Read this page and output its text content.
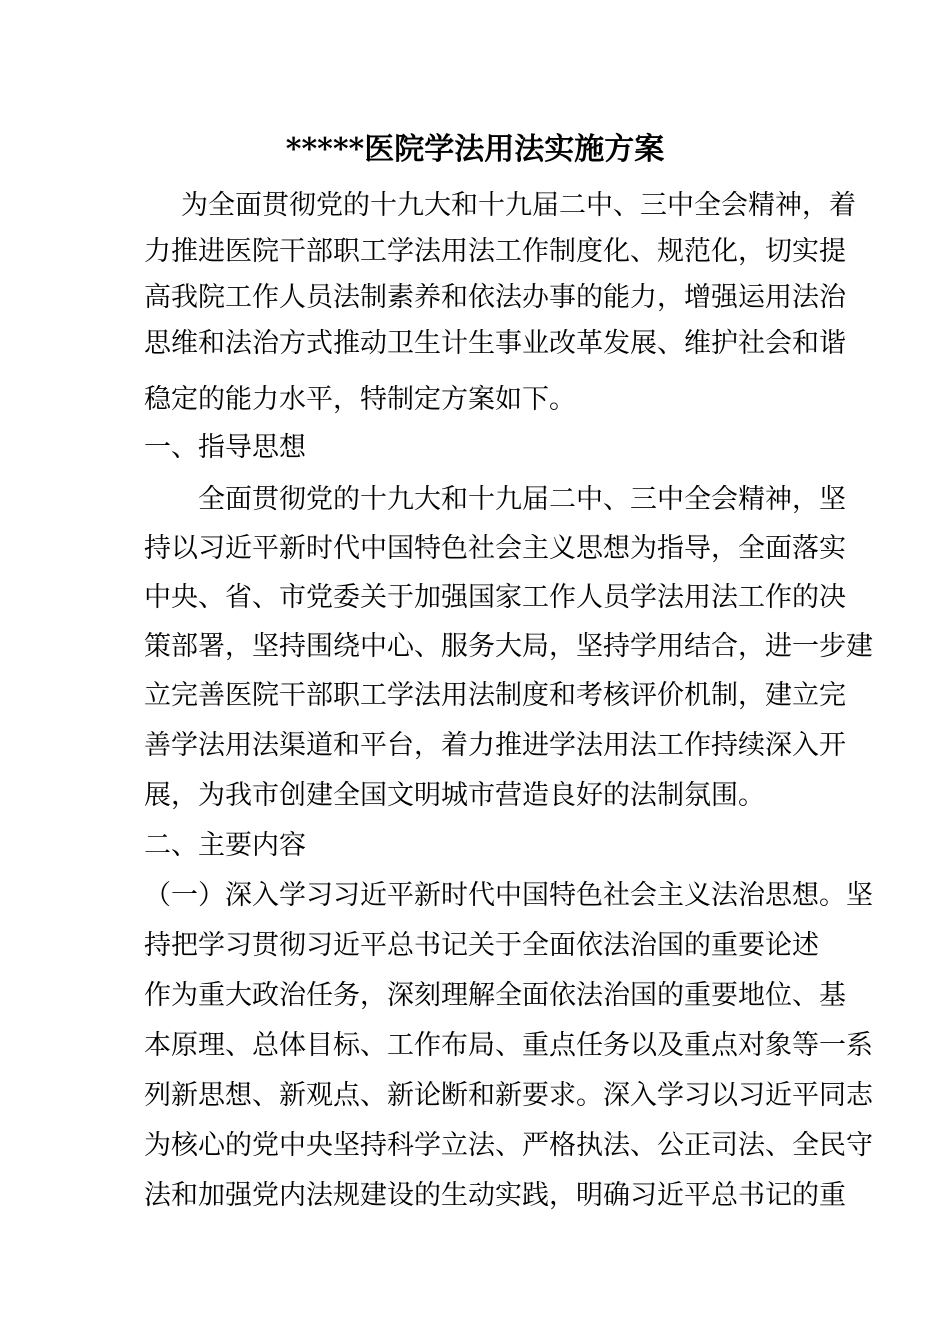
*****医院学法用法实施方案

为全面贯彻党的十九大和十九届二中、三中全会精神，着

力推进医院干部职工学法用法工作制度化、规范化，切实提

高我院工作人员法制素养和依法办事的能力，增强运用法治

思维和法治方式推动卫生计生事业改革发展、维护社会和谐

稳定的能力水平，特制定方案如下。

一、指导思想

全面贯彻党的十九大和十九届二中、三中全会精神，坚

持以习近平新时代中国特色社会主义思想为指导，全面落实

中央、省、市党委关于加强国家工作人员学法用法工作的决

策部署，坚持围绕中心、服务大局，坚持学用结合，进一步建

立完善医院干部职工学法用法制度和考核评价机制，建立完

善学法用法渠道和平台，着力推进学法用法工作持续深入开

展，为我市创建全国文明城市营造良好的法制氛围。

二、主要内容

（一）深入学习习近平新时代中国特色社会主义法治思想。坚

持把学习贯彻习近平总书记关于全面依法治国的重要论述

作为重大政治任务，深刻理解全面依法治国的重要地位、基

本原理、总体目标、工作布局、重点任务以及重点对象等一系

列新思想、新观点、新论断和新要求。深入学习以习近平同志

为核心的党中央坚持科学立法、严格执法、公正司法、全民守

法和加强党内法规建设的生动实践，明确习近平总书记的重
